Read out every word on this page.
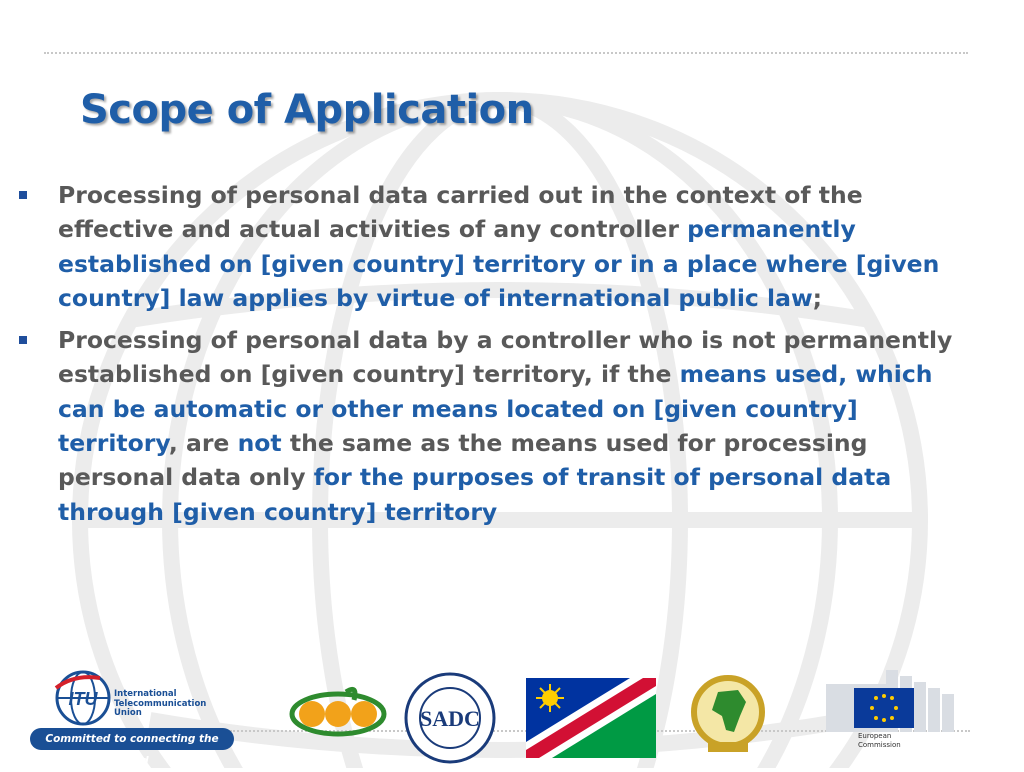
Scope of Application
Processing of personal data carried out in the context of the effective and actual activities of any controller permanently established on [given country] territory or in a place where [given country] law applies by virtue of international public law;
Processing of personal data by a controller who is not permanently established on [given country] territory, if the means used, which can be automatic or other means located on [given country] territory, are not the same as the means used for processing personal data only for the purposes of transit of personal data through [given country] territory
ITU International
Telecommunication
Union
Committed to connecting the world
SADC
European
Commission
